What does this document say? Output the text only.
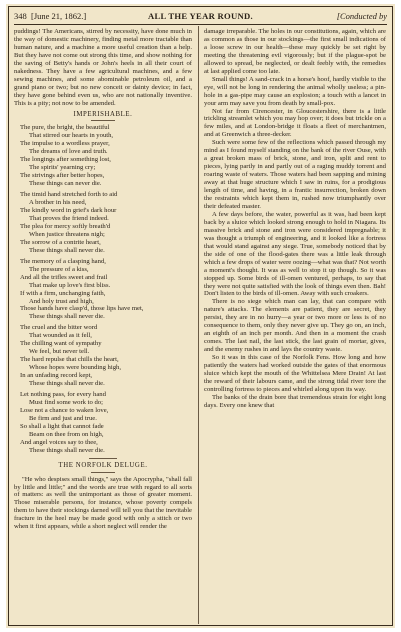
348 [June 21, 1862.]	ALL THE YEAR ROUND.	[Conducted by

puddings! The Americans, stirred by necessity, have done much in the way of domestic machinery, finding metal more tractable than human nature, and a machine a more useful creation than a help. But they have not come out strong this time, and show nothing for the saving of Betty's hands or John's heels in all their court of nakedness. They have a few agricultural machines, and a few sewing machines, and some abominable petroleum oil, and a grand piano or two; but no new conceit or dainty device; in fact, they have gone behind even us, who are not nationally inventive. This is a pity; not now to be amended.

IMPERISHABLE.
The pure, the bright, the beautiful
That stirred our hearts in youth,
The impulse to a wordless prayer,
The dreams of love and truth.
The longings after something lost,
The spirits' yearning cry;
The strivings after better hopes,
These things can never die.
The timid hand stretched forth to aid
A brother in his need,
The kindly word in grief's dark hour
That proves the friend indeed.
The plea for mercy softly breath'd
When justice threatens nigh;
The sorrow of a contrite heart,
These things shall never die.
The memory of a clasping hand,
The pressure of a kiss,
And all the trifles sweet and frail
That make up love's first bliss.
If with a firm, unchanging faith,
And holy trust and high,
Those hands have clasp'd, those lips have met,
These things shall never die.
The cruel and the bitter word
That wounded as it fell,
The chilling want of sympathy
We feel, but never tell.
The hard repulse that chills the heart,
Whose hopes were bounding high,
In an unfading record kept,
These things shall never die.
Let nothing pass, for every hand
Must find some work to do;
Lose not a chance to waken love,
Be firm and just and true.
So shall a light that cannot fade
Beam on thee from on high,
And angel voices say to thee,
These things shall never die.
THE NORFOLK DELUGE.

"He who despises small things," says the Apocrypha, "shall fall by little and little;" and the words are true with regard to all sorts of matters: as well the unimportant as those of greater moment. Those miserable persons, for instance, whose poverty compels them to have their stockings darned will tell you that the inevitable fracture in the heel may be made good with only a stitch or two when it first appears, while a short neglect will render the

damage irreparable. The holes in our constitutions, again, which are as common as those in our stockings—the first small indications of a loose screw in our health—these may quickly be set right by meeting the threatening evil vigorously; but if the plague-spot be allowed to spread, be neglected, or dealt feebly with, the remedies at last applied come too late.

Small things! A sand-crack in a horse's hoof, hardly visible to the eye, will not be long in rendering the animal wholly useless; a pin-hole in a gas-pipe may cause an explosion; a touch with a lancet in your arm may save you from death by small-pox.

Not far from Cirencester, in Gloucestershire, there is a little trickling streamlet which you may hop over; it does but trickle on a few miles, and at London-bridge it floats a fleet of merchantmen, and at Greenwich a three-decker.

Such were some few of the reflections which passed through my mind as I found myself standing on the bank of the river Ouse, with a great broken mass of brick, stone, and iron, split and rent to pieces, lying partly in and partly out of a raging muddy torrent and roaring waste of waters. Those waters had been sapping and mining away at that huge structure which I saw in ruins, for a prodigious length of time, and having, in a frantic insurrection, broken down the restraints which kept them in, rushed now triumphantly over their defeated master.

A few days before, the water, powerful as it was, had been kept back by a sluice which looked strong enough to hold in Niagara. Its massive brick and stone and iron were considered impregnable; it was thought a triumph of engineering, and it looked like a fortress that would stand against any siege. True, somebody noticed that by the side of one of the flood-gates there was a little leak through which a few drops of water were oozing—what was that? Not worth a moment's thought. It was as well to stop it up though. So it was stopped up. Some birds of ill-omen ventured, perhaps, to say that they were not quite satisfied with the look of things even then. Bah! Don't listen to the birds of ill-omen. Away with such croakers.

There is no siege which man can lay, that can compare with nature's attacks. The elements are patient, they are secret, they persist, they are in no hurry—a year or two more or less is of no consequence to them, only they never give up. They go on, an inch, an eighth of an inch per month. And then in a moment the crash comes. The last nail, the last stick, the last grain of mortar, gives, and the enemy rushes in and lays the country waste.

So it was in this case of the Norfolk Fens. How long and how patiently the waters had worked outside the gates of that enormous sluice which kept the mouth of the Whittelsea Mere Drain! At last the reward of their labours came, and the strong tidal river tore the controlling fortress to pieces and whirled along upon its way.

The banks of the drain bore that tremendous strain for eight long days. Every one knew that
